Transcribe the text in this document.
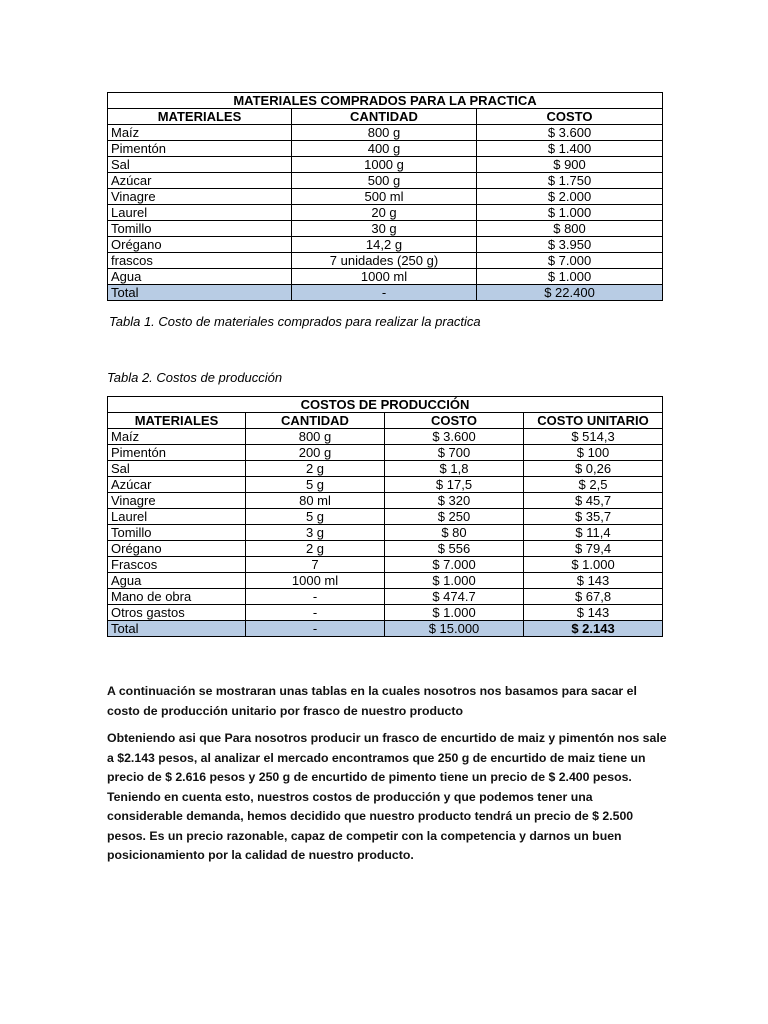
MATERIALES COMPRADOS PARA LA PRACTICA		
MATERIALES	CANTIDAD	COSTO
Maíz	800 g	$ 3.600
Pimentón	400 g	$ 1.400
Sal	1000 g	$ 900
Azúcar	500 g	$ 1.750
Vinagre	500 ml	$ 2.000
Laurel	20 g	$ 1.000
Tomillo	30 g	$ 800
Orégano	14,2 g	$ 3.950
frascos	7 unidades (250 g)	$ 7.000
Agua	1000 ml	$ 1.000
Total	-	$ 22.400

Tabla 1. Costo de materiales comprados para realizar la practica

Tabla 2. Costos de producción

COSTOS DE PRODUCCIÓN			
MATERIALES	CANTIDAD	COSTO	COSTO UNITARIO
Maíz	800 g	$ 3.600	$ 514,3
Pimentón	200 g	$ 700	$ 100
Sal	2 g	$ 1,8	$ 0,26
Azúcar	5 g	$ 17,5	$ 2,5
Vinagre	80 ml	$ 320	$ 45,7
Laurel	5 g	$ 250	$ 35,7
Tomillo	3 g	$ 80	$ 11,4
Orégano	2 g	$ 556	$ 79,4
Frascos	7	$ 7.000	$ 1.000
Agua	1000 ml	$ 1.000	$ 143
Mano de obra	-	$ 474.7	$ 67,8
Otros gastos	-	$ 1.000	$ 143
Total	-	$ 15.000	$ 2.143

A continuación se mostraran unas tablas en la cuales nosotros nos basamos para sacar el costo de producción unitario por frasco de nuestro producto

Obteniendo asi que Para nosotros producir un frasco de encurtido de maiz y pimentón nos sale a $2.143 pesos, al analizar el mercado encontramos que 250 g de encurtido de maiz tiene un precio de $ 2.616 pesos y 250 g de encurtido de pimento tiene un precio de $ 2.400 pesos. Teniendo en cuenta esto, nuestros costos de producción y que podemos tener una considerable demanda, hemos decidido que nuestro producto tendrá un precio de $ 2.500 pesos. Es un precio razonable, capaz de competir con la competencia y darnos un buen posicionamiento por la calidad de nuestro producto.
